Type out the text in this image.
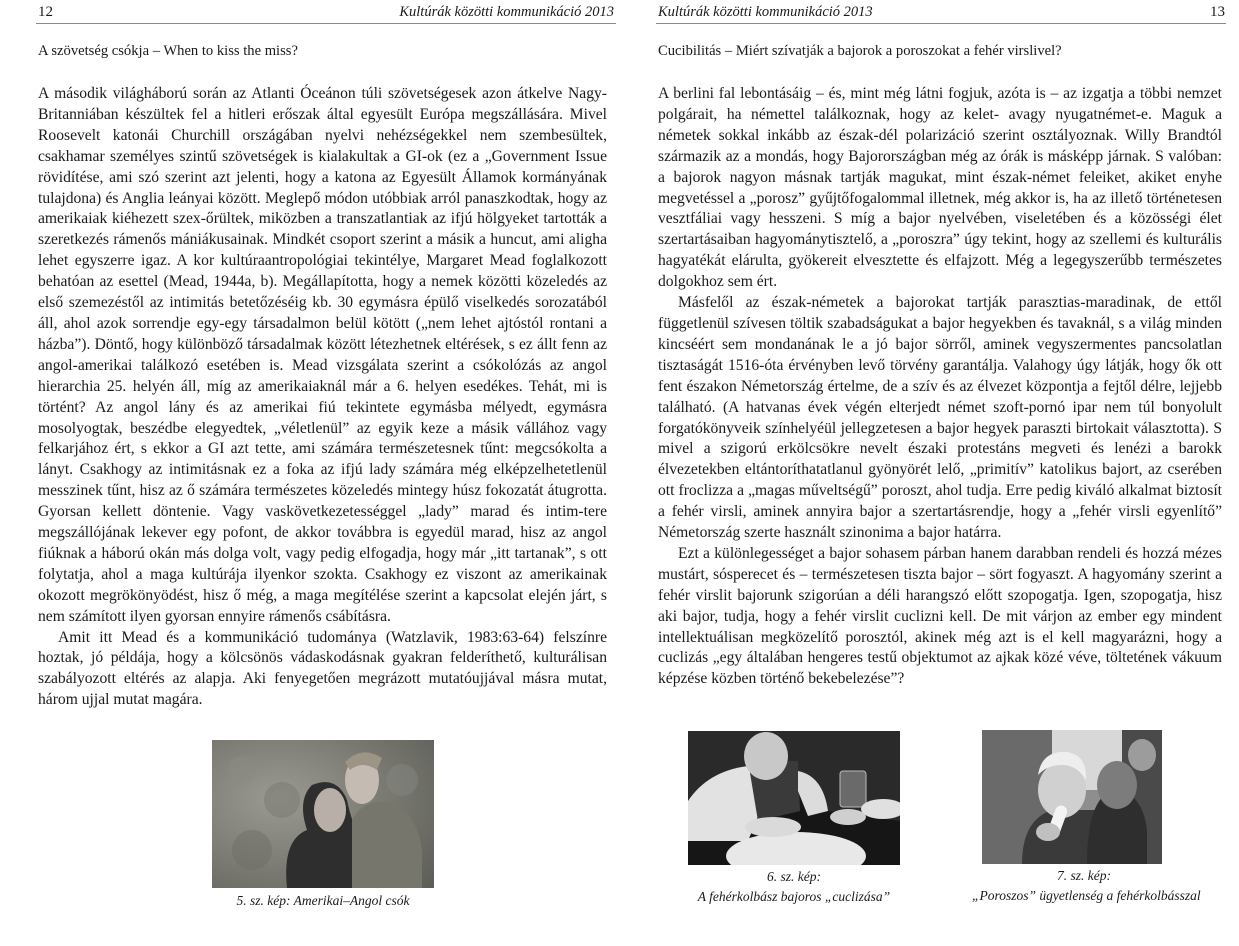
12	Kultúrák közötti kommunikáció 2013
A szövetség csókja – When to kiss the miss?

A második világháború során az Atlanti Óceánon túli szövetségesek azon átkelve Nagy-Britanniában készültek fel a hitleri erőszak által egyesült Európa megszállására. Mivel Roosevelt katonái Churchill országában nyelvi nehézségekkel nem szembesültek, csakhamar személyes szintű szövetségek is kialakultak a GI-ok (ez a „Government Issue rövidítése, ami szó szerint azt jelenti, hogy a katona az Egyesült Államok kormányának tulajdona) és Anglia leányai között. Meglepő módon utóbbiak arról panaszkodtak, hogy az amerikaiak kiéhezett szex-őrültek, miközben a transzatlantiak az ifjú hölgyeket tartották a szeretkezés rámenős mániákusainak. Mindkét csoport szerint a másik a huncut, ami aligha lehet egyszerre igaz. A kor kultúraantropológiai tekintélye, Margaret Mead foglalkozott behatóan az esettel (Mead, 1944a, b). Megállapította, hogy a nemek közötti közeledés az első szemezéstől az intimitás betetőzéséig kb. 30 egymásra épülő viselkedés sorozatából áll, ahol azok sorrendje egy-egy társadalmon belül kötött („nem lehet ajtóstól rontani a házba”). Döntő, hogy különböző társadalmak között létezhetnek eltérések, s ez állt fenn az angol-amerikai találkozó esetében is. Mead vizsgálata szerint a csókolózás az angol hierarchia 25. helyén áll, míg az amerikaiaknál már a 6. helyen esedékes. Tehát, mi is történt? Az angol lány és az amerikai fiú tekintete egymásba mélyedt, egymásra mosolyogtak, beszédbe elegyedtek, „véletlenül” az egyik keze a másik vállához vagy felkarjához ért, s ekkor a GI azt tette, ami számára természetesnek tűnt: megcsókolta a lányt. Csakhogy az intimitásnak ez a foka az ifjú lady számára még elképzelhetetlenül messzinek tűnt, hisz az ő számára természetes közeledés mintegy húsz fokozatát átugrotta. Gyorsan kellett döntenie. Vagy vaskövetkezetességgel „lady” marad és intim-tere megszállójának lekever egy pofont, de akkor továbbra is egyedül marad, hisz az angol fiúknak a háború okán más dolga volt, vagy pedig elfogadja, hogy már „itt tartanak”, s ott folytatja, ahol a maga kultúrája ilyenkor szokta. Csakhogy ez viszont az amerikainak okozott megrökönyödést, hisz ő még, a maga megítélése szerint a kapcsolat elején járt, s nem számított ilyen gyorsan ennyire rámenős csábításra.

Amit itt Mead és a kommunikáció tudománya (Watzlavik, 1983:63-64) felszínre hoztak, jó példája, hogy a kölcsönös vádaskodásnak gyakran felderíthető, kulturálisan szabályozott eltérés az alapja. Aki fenyegetően megrázott mutatóujjával másra mutat, három ujjal mutat magára.

5. sz. kép: Amerikai–Angol csók
Kultúrák közötti kommunikáció 2013	13
Cucibilitás – Miért szívatják a bajorok a poroszokat a fehér virslivel?

A berlini fal lebontásáig – és, mint még látni fogjuk, azóta is – az izgatja a többi nemzet polgárait, ha némettel találkoznak, hogy az kelet- avagy nyugatnémet-e. Maguk a németek sokkal inkább az észak-dél polarizáció szerint osztályoznak. Willy Brandtól származik az a mondás, hogy Bajorországban még az órák is másképp járnak. S valóban: a bajorok nagyon másnak tartják magukat, mint észak-német feleiket, akiket enyhe megvetéssel a „porosz” gyűjtőfogalommal illetnek, még akkor is, ha az illető történetesen vesztfáliai vagy hesszeni. S míg a bajor nyelvében, viseletében és a közösségi élet szertartásaiban hagyománytisztelő, a „poroszra” úgy tekint, hogy az szellemi és kulturális hagyatékát elárulta, gyökereit elvesztette és elfajzott. Még a legegyszerűbb természetes dolgokhoz sem ért.

Másfelől az észak-németek a bajorokat tartják parasztias-maradinak, de ettől függetlenül szívesen töltik szabadságukat a bajor hegyekben és tavaknál, s a világ minden kincséért sem mondanának le a jó bajor sörről, aminek vegyszermentes pancsolatlan tisztaságát 1516-óta érvényben levő törvény garantálja. Valahogy úgy látják, hogy ők ott fent északon Németország értelme, de a szív és az élvezet központja a fejtől délre, lejjebb található. (A hatvanas évek végén elterjedt német szoft-pornó ipar nem túl bonyolult forgatókönyveik színhelyéül jellegzetesen a bajor hegyek paraszti birtokait választotta). S mivel a szigorú erkölcsökre nevelt északi protestáns megveti és lenézi a barokk élvezetekben eltántoríthatatlanul gyönyörét lelő, „primitív” katolikus bajort, az cserében ott froclizza a „magas műveltségű” poroszt, ahol tudja. Erre pedig kiváló alkalmat biztosít a fehér virsli, aminek annyira bajor a szertartásrendje, hogy a „fehér virsli egyenlítő” Németország szerte használt szinonima a bajor határra.

Ezt a különlegességet a bajor sohasem párban hanem darabban rendeli és hozzá mézes mustárt, sósperecet és – természetesen tiszta bajor – sört fogyaszt. A hagyomány szerint a fehér virslit bajorunk szigorúan a déli harangszó előtt szopogatja. Igen, szopogatja, hisz aki bajor, tudja, hogy a fehér virslit cuclizni kell. De mit várjon az ember egy mindent intellektuálisan megközelítő porosztól, akinek még azt is el kell magyarázni, hogy a cuclizás „egy általában hengeres testű objektumot az ajkak közé véve, töltetének vákuum képzése közben történő bekebelezése”?

6. sz. kép:
A fehérkolbász bajoros „cuclizása”
7. sz. kép:
„Poroszos” ügyetlenség a fehérkolbásszal
